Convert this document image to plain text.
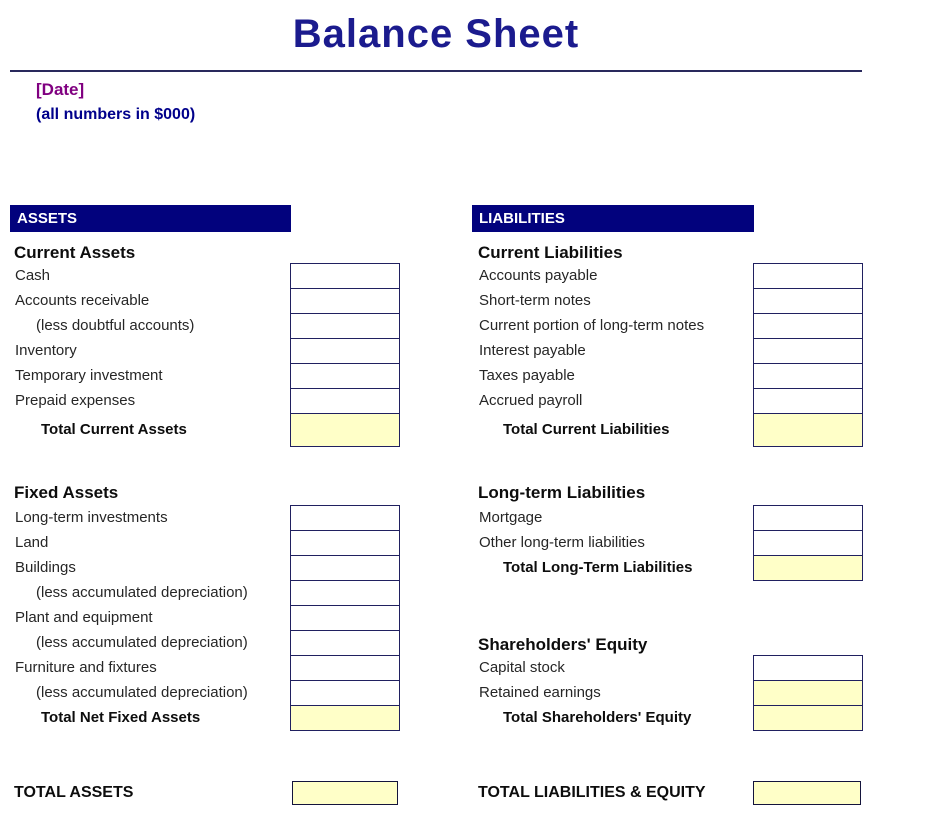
Balance Sheet
[Date]
(all numbers in $000)
ASSETS
Current Assets
Cash
Accounts receivable
(less doubtful accounts)
Inventory
Temporary investment
Prepaid expenses
Total Current Assets
Fixed Assets
Long-term investments
Land
Buildings
(less accumulated depreciation)
Plant and equipment
(less accumulated depreciation)
Furniture and fixtures
(less accumulated depreciation)
Total Net Fixed Assets
TOTAL ASSETS
LIABILITIES
Current Liabilities
Accounts payable
Short-term notes
Current portion of long-term notes
Interest payable
Taxes payable
Accrued payroll
Total Current Liabilities
Long-term Liabilities
Mortgage
Other long-term liabilities
Total Long-Term Liabilities
Shareholders' Equity
Capital stock
Retained earnings
Total Shareholders' Equity
TOTAL LIABILITIES & EQUITY
